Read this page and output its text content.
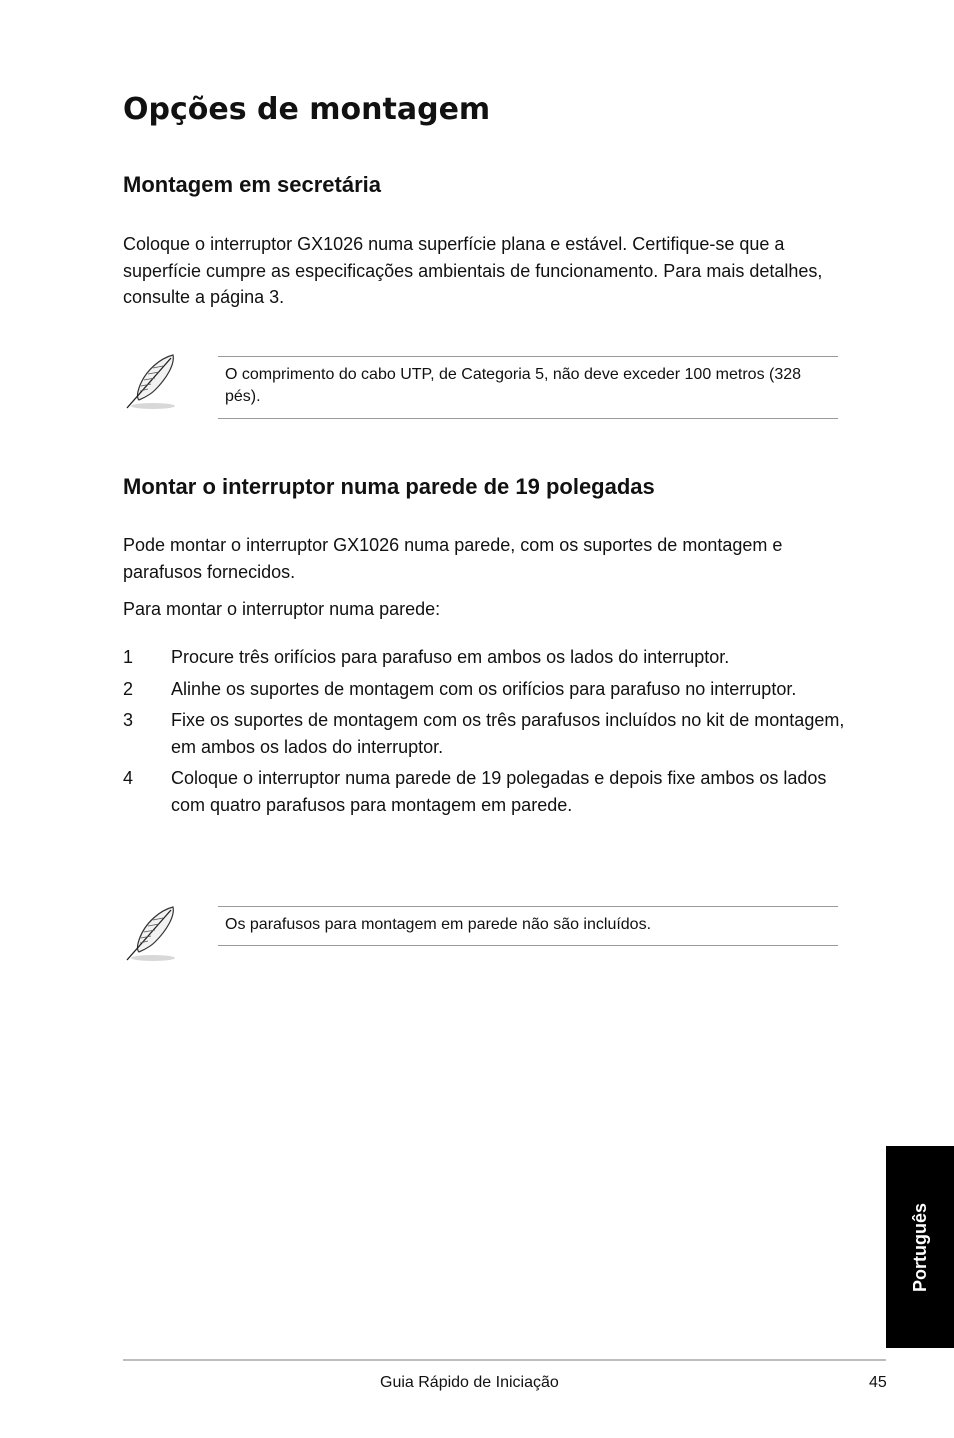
Opções de montagem
Montagem em secretária

Coloque o interruptor GX1026 numa superfície plana e estável. Certifique-se que a superfície cumpre as especificações ambientais de funcionamento. Para mais detalhes, consulte a página 3.

O comprimento do cabo UTP, de Categoria 5, não deve exceder 100 metros (328 pés).
Montar o interruptor numa parede de 19 polegadas

Pode montar o interruptor GX1026 numa parede, com os suportes de montagem e parafusos fornecidos.

Para montar o interruptor numa parede:

1 Procure três orifícios para parafuso em ambos os lados do interruptor.
2 Alinhe os suportes de montagem com os orifícios para parafuso no interruptor.
3 Fixe os suportes de montagem com os três parafusos incluídos no kit de montagem, em ambos os lados do interruptor.
4 Coloque o interruptor numa parede de 19 polegadas e depois fixe ambos os lados com quatro parafusos para montagem em parede.
Os parafusos para montagem em parede não são incluídos.
Português
Guia Rápido de Iniciação	45
